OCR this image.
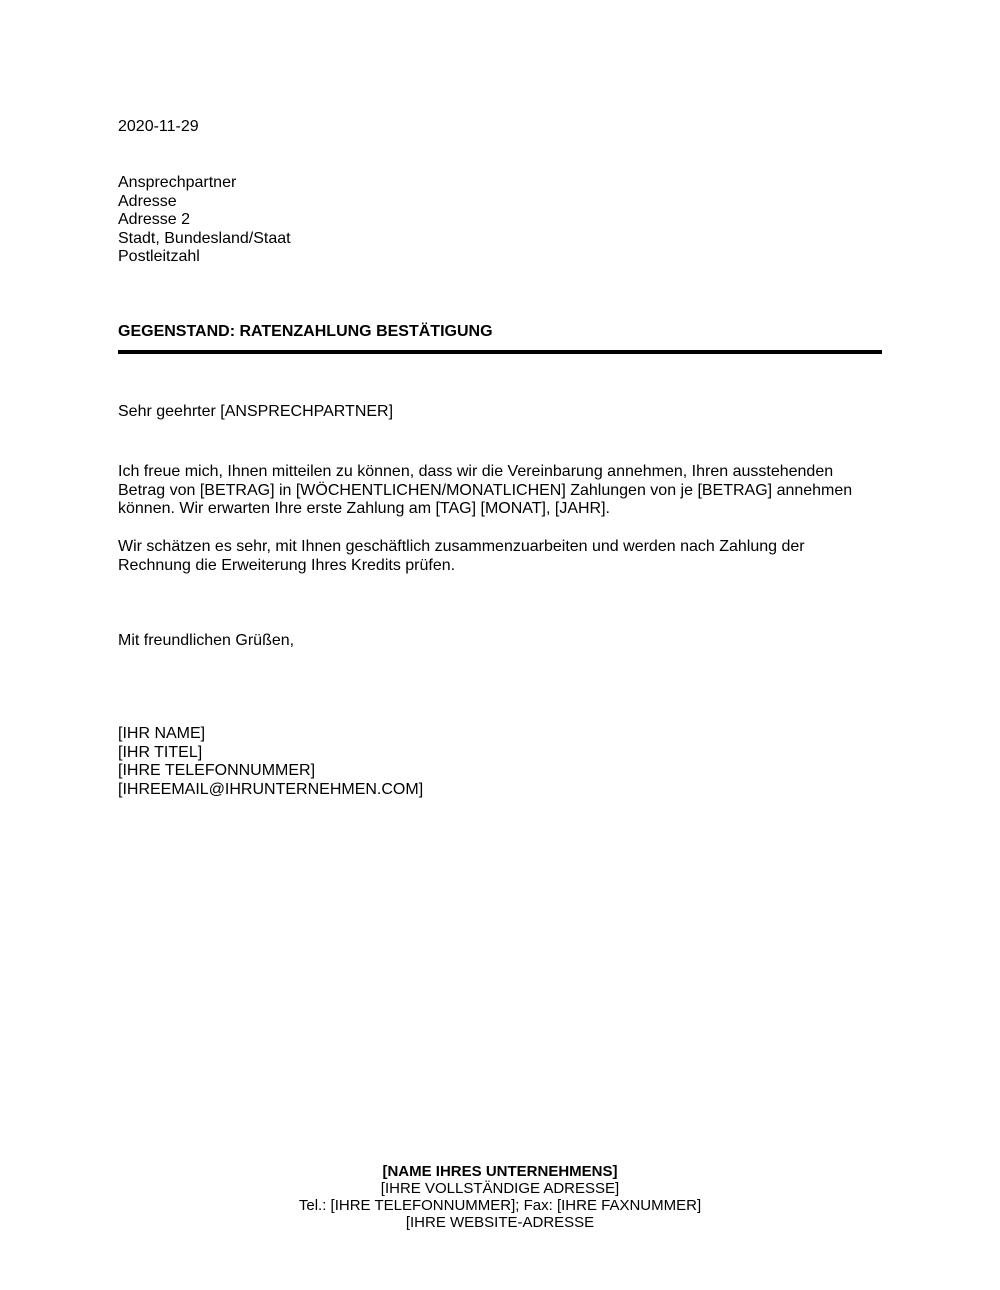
2020-11-29
Ansprechpartner
Adresse
Adresse 2
Stadt, Bundesland/Staat
Postleitzahl
GEGENSTAND: RATENZAHLUNG BESTÄTIGUNG
Sehr geehrter [ANSPRECHPARTNER]
Ich freue mich, Ihnen mitteilen zu können, dass wir die Vereinbarung annehmen, Ihren ausstehenden
Betrag von [BETRAG] in [WÖCHENTLICHEN/MONATLICHEN] Zahlungen von je [BETRAG] annehmen
können. Wir erwarten Ihre erste Zahlung am [TAG] [MONAT], [JAHR].
Wir schätzen es sehr, mit Ihnen geschäftlich zusammenzuarbeiten und werden nach Zahlung der
Rechnung die Erweiterung Ihres Kredits prüfen.
Mit freundlichen Grüßen,
[IHR NAME]
[IHR TITEL]
[IHRE TELEFONNUMMER]
[IHREEMAIL@IHRUNTERNEHMEN.COM]
[NAME IHRES UNTERNEHMENS]
[IHRE VOLLSTÄNDIGE ADRESSE]
Tel.: [IHRE TELEFONNUMMER]; Fax: [IHRE FAXNUMMER]
[IHRE WEBSITE-ADRESSE
